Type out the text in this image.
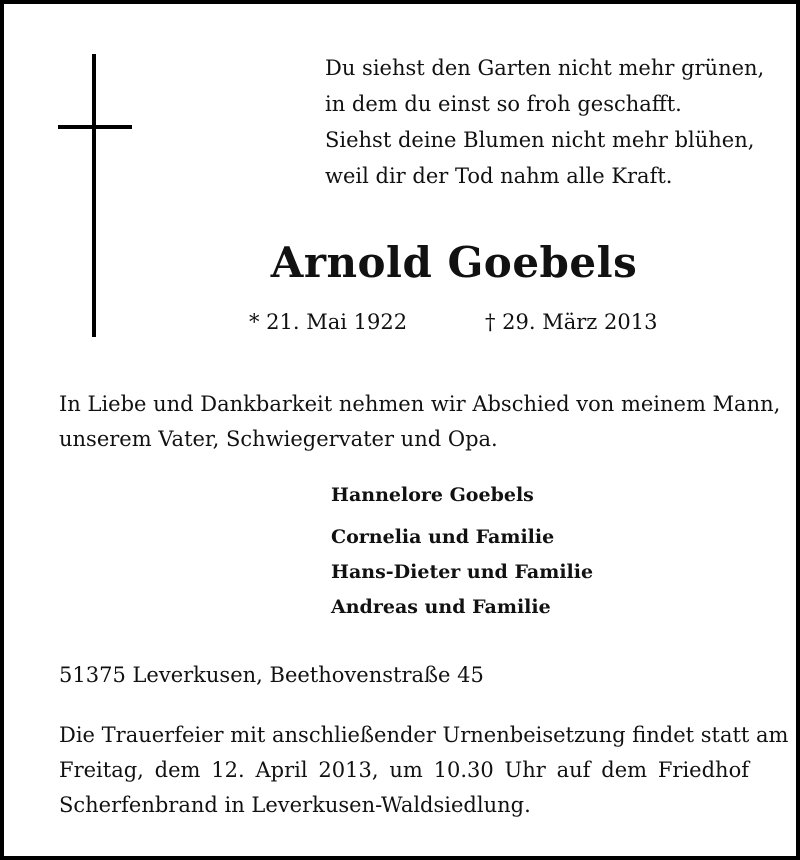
Du siehst den Garten nicht mehr grünen,
in dem du einst so froh geschafft.
Siehst deine Blumen nicht mehr blühen,
weil dir der Tod nahm alle Kraft.
Arnold Goebels
* 21. Mai 1922	† 29. März 2013
In Liebe und Dankbarkeit nehmen wir Abschied von meinem Mann,
unserem Vater, Schwiegervater und Opa.
Hannelore Goebels
Cornelia und Familie
Hans-Dieter und Familie
Andreas und Familie
51375 Leverkusen, Beethovenstraße 45
Die Trauerfeier mit anschließender Urnenbeisetzung findet statt am
Freitag, dem 12. April 2013, um 10.30 Uhr auf dem Friedhof
Scherfenbrand in Leverkusen-Waldsiedlung.
